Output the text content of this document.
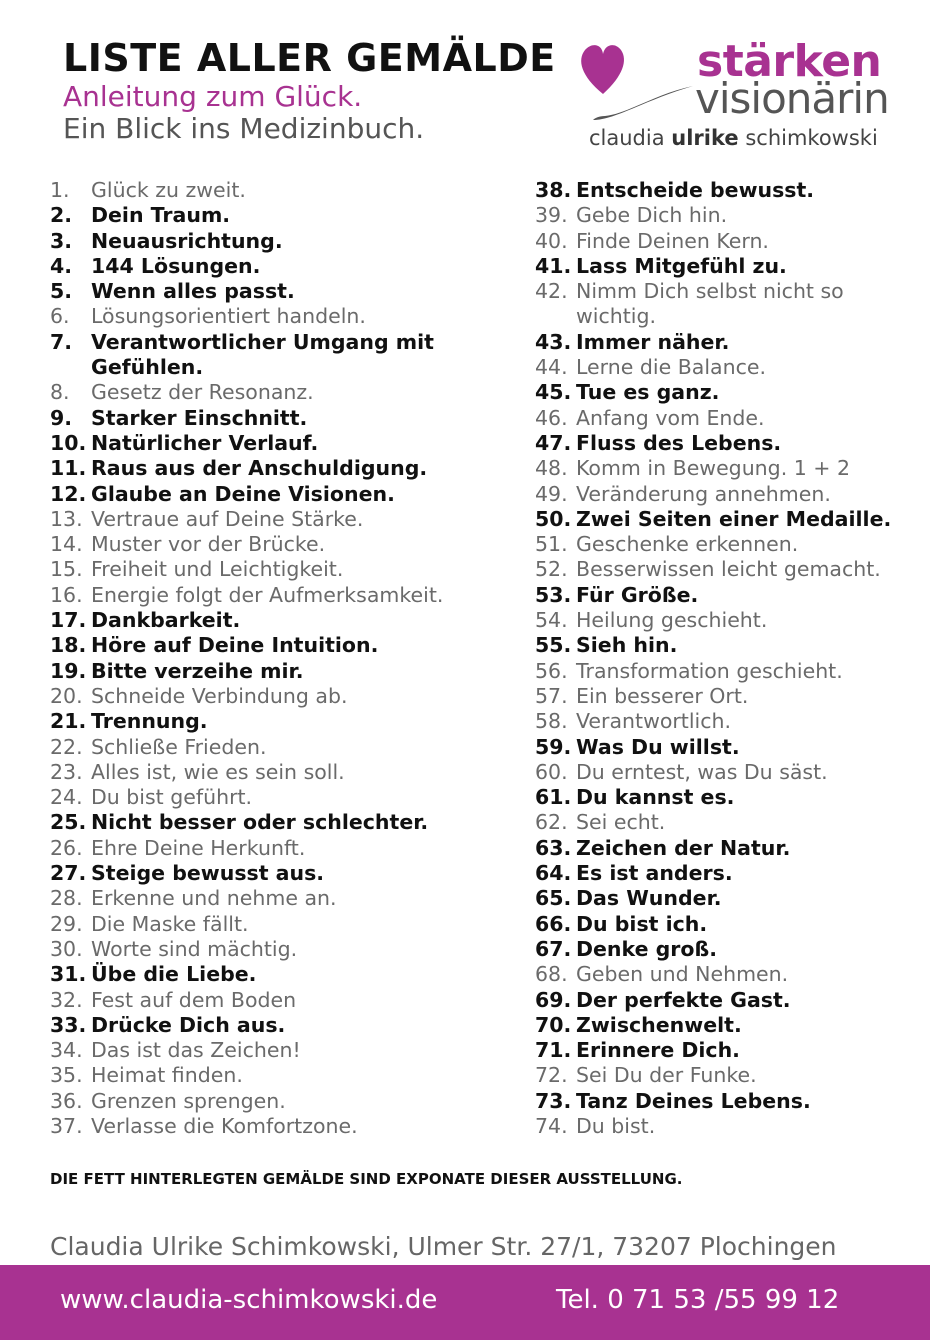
LISTE ALLER GEMÄLDE

Anleitung zum Glück.

Ein Blick ins Medizinbuch.

stärken
visionärin
claudia ulrike schimkowski
1.	Glück zu zweit.
2. Dein Traum.
3. Neuausrichtung.
4. 144 Lösungen.
5. Wenn alles passt.
6.	Lösungsorientiert handeln.
7. Verantwortlicher Umgang mit Gefühlen.
8.	Gesetz der Resonanz.
9. Starker Einschnitt.
10. Natürlicher Verlauf.
11. Raus aus der Anschuldigung.
12. Glaube an Deine Visionen.
13. Vertraue auf Deine Stärke.
14. Muster vor der Brücke.
15. Freiheit und Leichtigkeit.
16. Energie folgt der Aufmerksamkeit.
17. Dankbarkeit.
18. Höre auf Deine Intuition.
19. Bitte verzeihe mir.
20. Schneide Verbindung ab.
21. Trennung.
22. Schließe Frieden.
23. Alles ist, wie es sein soll.
24. Du bist geführt.
25. Nicht besser oder schlechter.
26. Ehre Deine Herkunft.
27. Steige bewusst aus.
28. Erkenne und nehme an.
29. Die Maske fällt.
30. Worte sind mächtig.
31. Übe die Liebe.
32. Fest auf dem Boden
33. Drücke Dich aus.
34. Das ist das Zeichen!
35. Heimat finden.
36. Grenzen sprengen.
37. Verlasse die Komfortzone.
38. Entscheide bewusst.
39. Gebe Dich hin.
40. Finde Deinen Kern.
41. Lass Mitgefühl zu.
42. Nimm Dich selbst nicht so wichtig.
43. Immer näher.
44. Lerne die Balance.
45. Tue es ganz.
46. Anfang vom Ende.
47. Fluss des Lebens.
48. Komm in Bewegung. 1 + 2
49. Veränderung annehmen.
50. Zwei Seiten einer Medaille.
51. Geschenke erkennen.
52. Besserwissen leicht gemacht.
53. Für Größe.
54. Heilung geschieht.
55. Sieh hin.
56. Transformation geschieht.
57. Ein besserer Ort.
58. Verantwortlich.
59. Was Du willst.
60. Du erntest, was Du säst.
61. Du kannst es.
62. Sei echt.
63. Zeichen der Natur.
64. Es ist anders.
65. Das Wunder.
66. Du bist ich.
67. Denke groß.
68. Geben und Nehmen.
69. Der perfekte Gast.
70. Zwischenwelt.
71. Erinnere Dich.
72. Sei Du der Funke.
73. Tanz Deines Lebens.
74. Du bist.

DIE FETT HINTERLEGTEN GEMÄLDE SIND EXPONATE DIESER AUSSTELLUNG.

Claudia Ulrike Schimkowski, Ulmer Str. 27/1, 73207 Plochingen

www.claudia-schimkowski.de	Tel. 0 71 53 /55 99 12
